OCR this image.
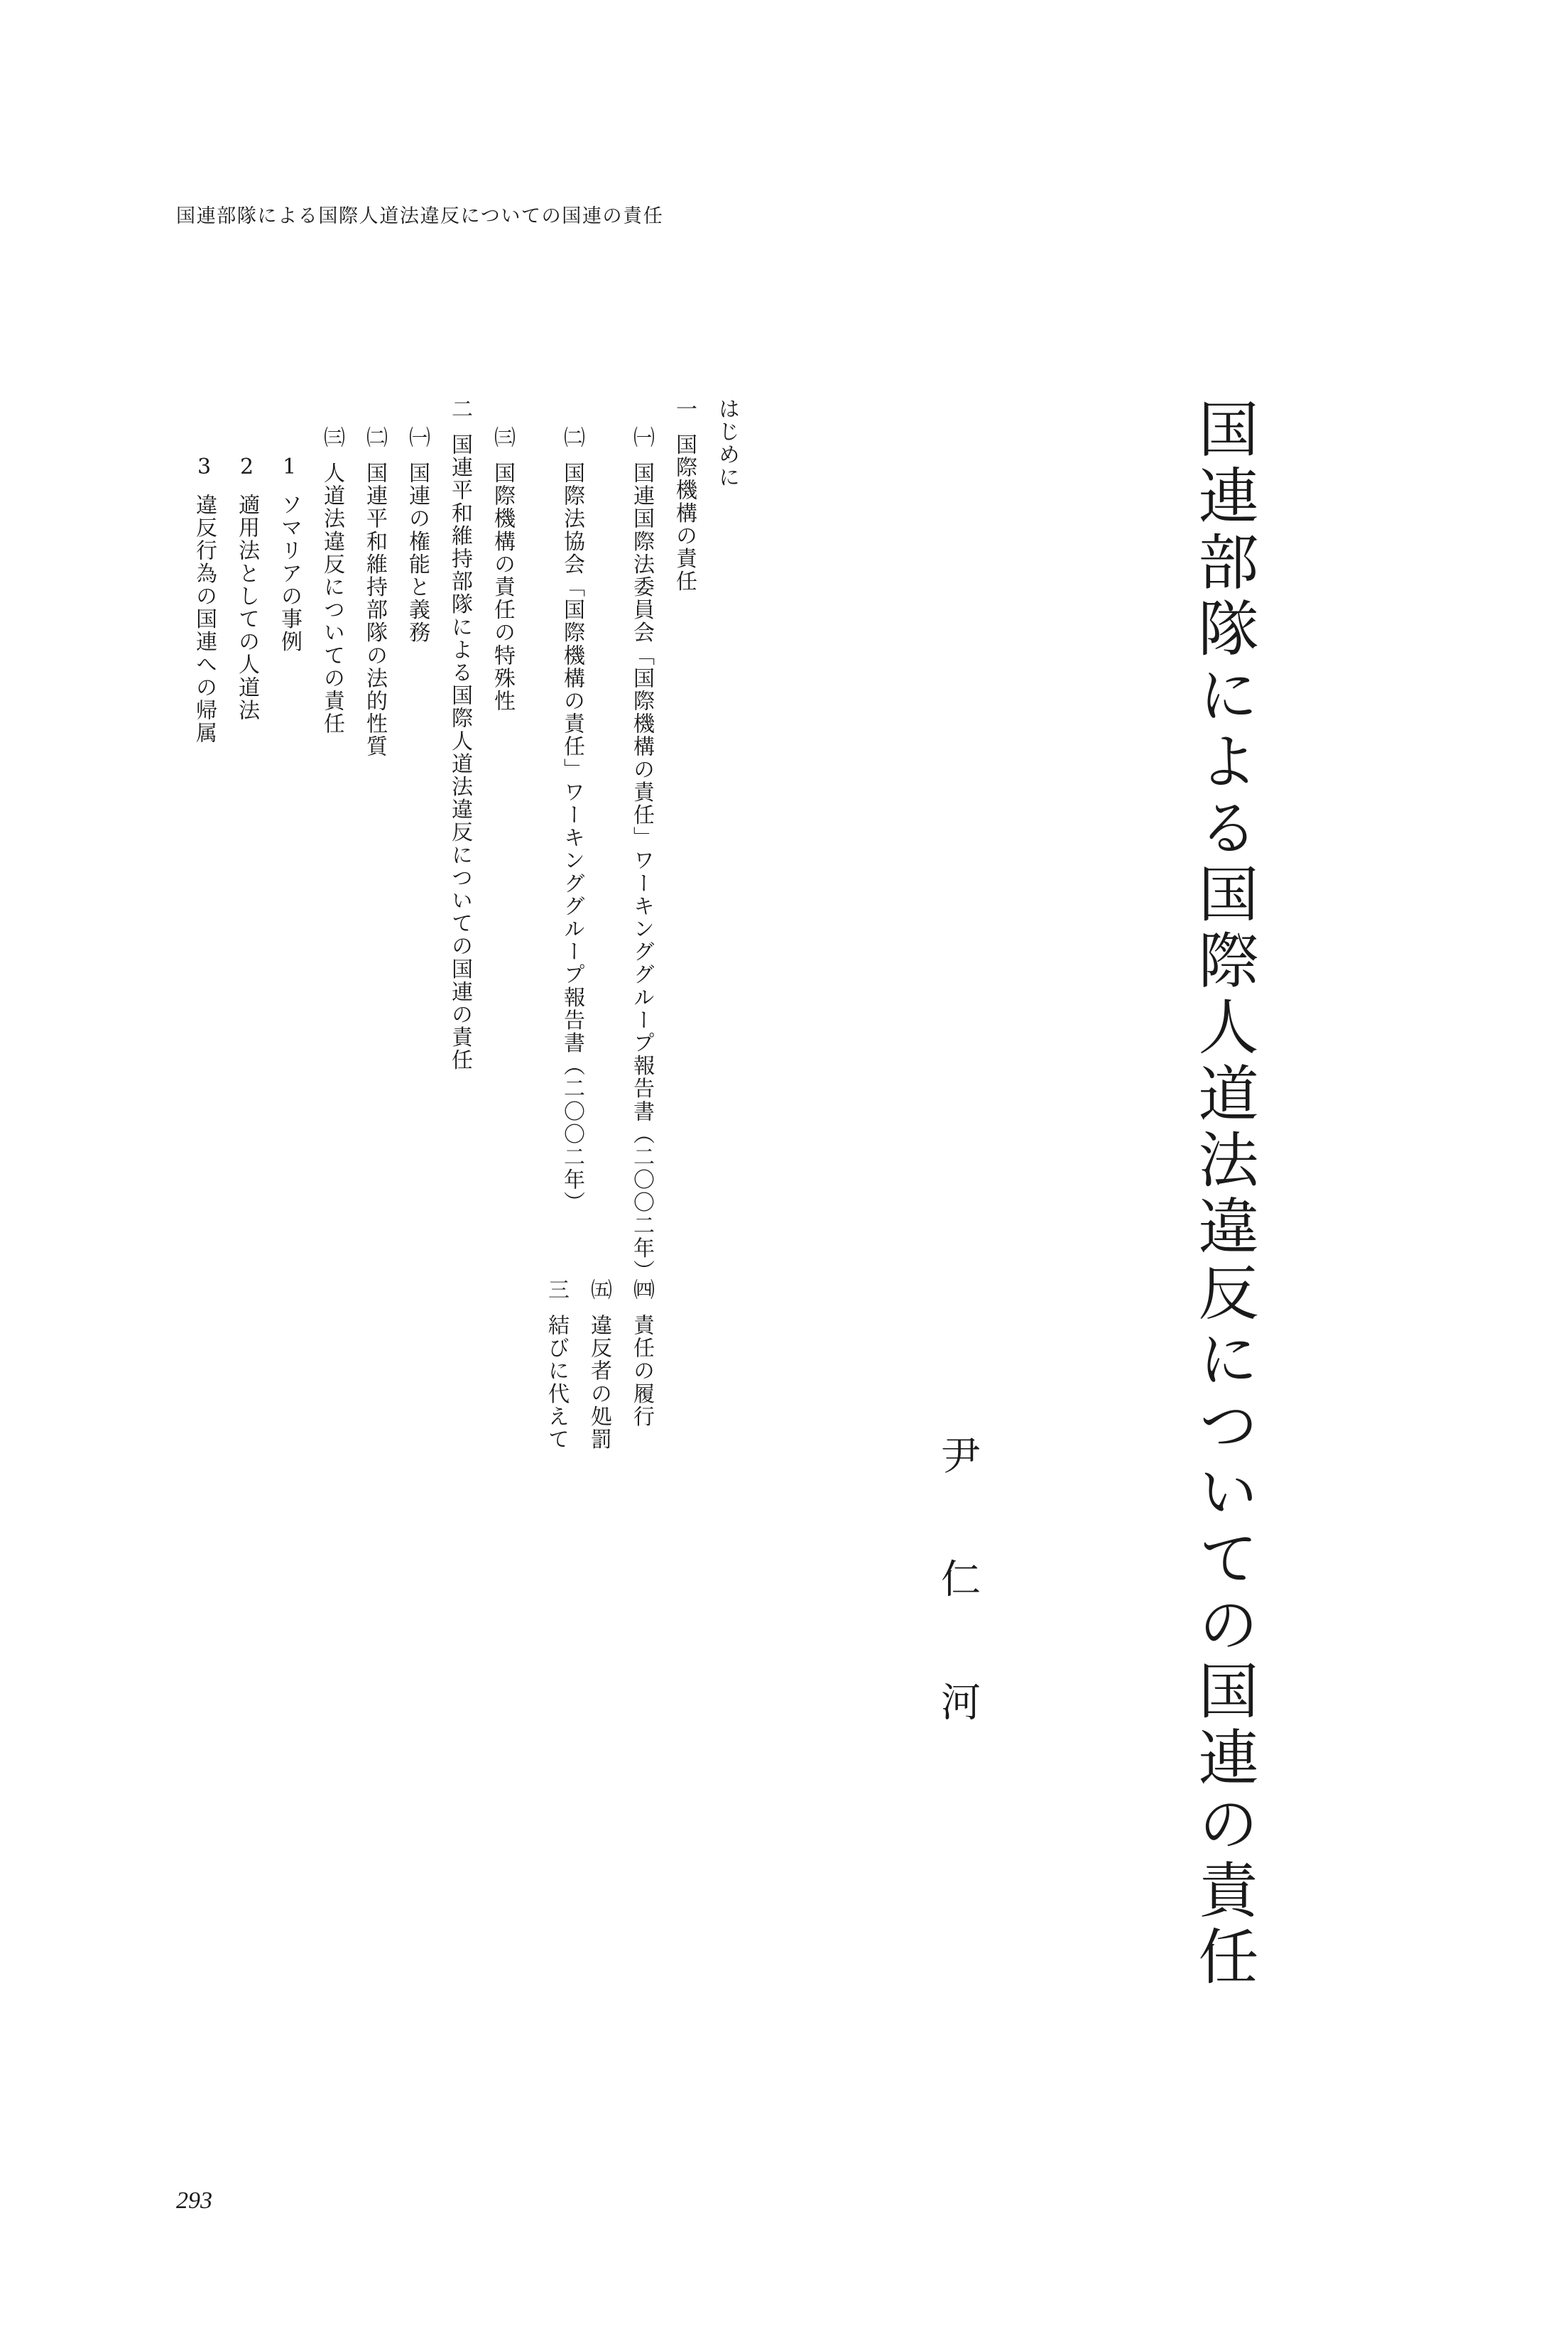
国連部隊による国際人道法違反についての国連の責任
国連部隊による国際人道法違反についての国連の責任
尹　仁　河
はじめに
一国際機構の責任
㈠国連国際法委員会「国際機構の責任」ワーキンググループ報告書（二〇〇二年）
㈡国際法協会「国際機構の責任」ワーキンググループ報告書（二〇〇二年）
㈢国際機構の責任の特殊性
二国連平和維持部隊による国際人道法違反についての国連の責任
㈠国連の権能と義務
㈡国連平和維持部隊の法的性質
㈢人道法違反についての責任
1ソマリアの事例
2適用法としての人道法
3違反行為の国連への帰属
㈣責任の履行
㈤違反者の処罰
三結びに代えて
293
